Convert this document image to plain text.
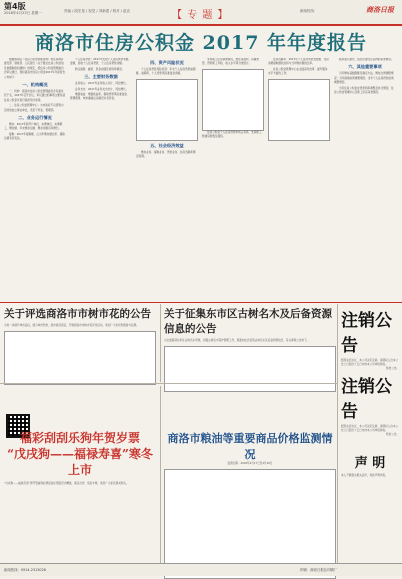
第4版
2018年4月23日 星期一	责编 / 段宏星 / 视觉 / 刘新建 / 校对 / 赵洁	【 专 题 】	新闻热线：	商洛日报
商洛市住房公积金 2017 年年度报告

根据国务院《住房公积金管理条例》和住房城乡建设部、财政部、人民银行《关于健全住房公积金信息披露制度的通知》的规定，经住房公积金管理委员会审议通过，现将商洛市住房公积金2017年年度报告公布如下：

一、机构概况

一、机构：商洛市住房公积金管理委员会有委员若干名，2017年召开会议，审议通过的事项主要包括住房公积金年度归集使用计划等。

二、住房公积金管理中心：为市政府不以营利为目的的独立事业单位，设若干科室、管理部。

二、业务运行情况

缴存：2017年新开户单位、实缴单位、实缴职工，缴存额、年末缴存总额、缴存余额有所增长。

提取：2017年提取额、占当年缴存额比率，提取总额有所变化。

个人住房贷款：2017年发放个人住房贷款笔数、金额，回收个人住房贷款、个人住房贷款余额。

购买国债、融资、资金存储及使用率情况。

三、主要财务数据

业务收入：2017年业务收入共计，同比增长。

业务支出：2017年业务支出共计，同比增长。

增值收益：增值收益率，提取贷款风险准备金、管理费用、城市廉租住房建设补充资金。

四、资产风险状况

个人住房贷款风险状况：年末个人住房贷款逾期额、逾期率，个人贷款风险准备金余额。

五、社会经济效益

缴存业务、提取业务、贷款业务、住房贡献率情况说明。

支持职工住房消费情况，按住房面积、房屋类型、贷款职工年龄、收入水平等分类统计。

住房公积金个人住房贷款市场占有率，支持职工购建房套数及面积。

住房贡献率：2017年个人住房贷款发放额、住房消费提取额的总和与当年缴存额的比率。

住房公积金管理中心在全面深化改革、提升服务水平方面的工作。

服务窗口建设、信息化建设及获得的荣誉情况。

六、其他重要事项

当年缴存基数限额及确定方法、缴存比例调整情况；当年提取政策调整情况；当年个人住房贷款政策调整情况。

当年住房公积金存贷款利率调整及执行情况；住房公积金管理中心及职工所获荣誉情况。

关于评选商洛市市树市花的公告
为进一步提升城市品位，展示城市形象，经市政府同意，开展商洛市市树市花评选活动，欢迎广大市民积极参与投票。
关于征集东市区古树名木及后备资源信息的公告
为全面摸清东市区古树名木资源，加强古树名木保护管理工作，现面向社会征集古树名木及后备资源信息，有关事项公告如下。
注销公告
经股东会决议，本公司决定注销，请债权人自本公告之日起四十五日内向本公司申报债权。
特此公告。
注销公告
经股东会决议，本公司决定注销，请债权人自本公告之日起四十五日内向本公司申报债权。
特此公告。
福彩刮刮乐狗年贺岁票
“戊戌狗——福禄寿喜”寒冬上市
“戊戌狗——福禄寿喜”即开型福利彩票刮刮乐票面设计精美，寓意吉祥，奖金丰厚，欢迎广大彩民朋友购买。
商洛市粮油等重要商品价格监测情况
监测日期：2018年4月17日至4月20日	声 明
本人不慎遗失相关证件，特此声明作废。
新闻热线：0914-2313026	印刷：商洛日报社印刷厂
